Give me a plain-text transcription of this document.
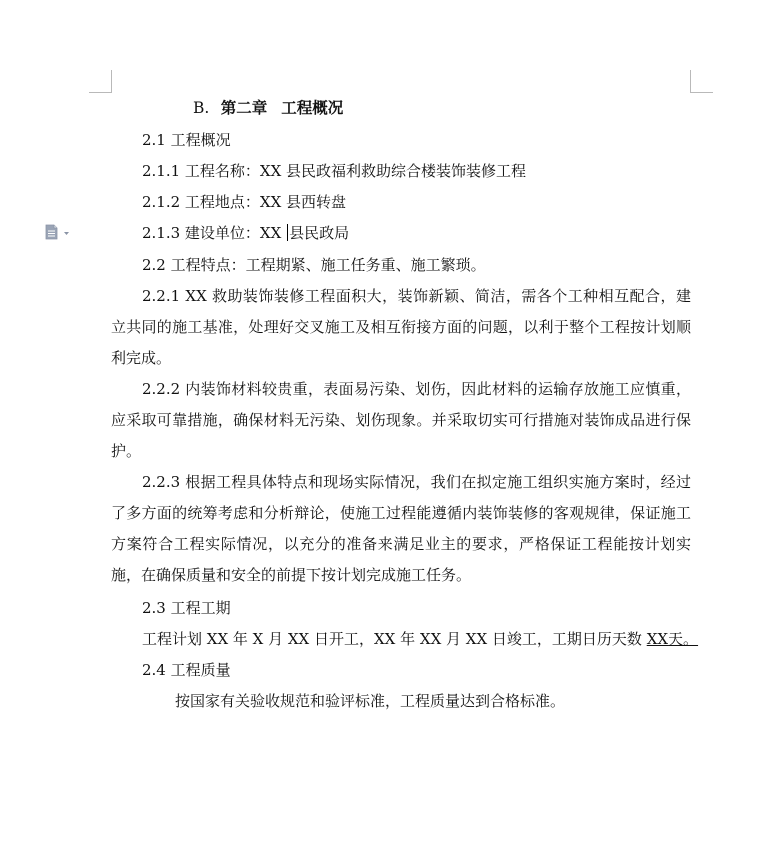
B. 第二章 工程概况
2.1 工程概况
2.1.1 工程名称：XX 县民政福利救助综合楼装饰装修工程
2.1.2 工程地点：XX 县西转盘
2.1.3 建设单位：XX 县民政局
2.2 工程特点：工程期紧、施工任务重、施工繁琐。
2.2.1 XX 救助装饰装修工程面积大，装饰新颖、简洁，需各个工种相互配合，建立共同的施工基准，处理好交叉施工及相互衔接方面的问题，以利于整个工程按计划顺利完成。
2.2.2 内装饰材料较贵重，表面易污染、划伤，因此材料的运输存放施工应慎重，应采取可靠措施，确保材料无污染、划伤现象。并采取切实可行措施对装饰成品进行保护。
2.2.3 根据工程具体特点和现场实际情况，我们在拟定施工组织实施方案时，经过了多方面的统筹考虑和分析辩论，使施工过程能遵循内装饰装修的客观规律，保证施工方案符合工程实际情况，以充分的准备来满足业主的要求，严格保证工程能按计划实施，在确保质量和安全的前提下按计划完成施工任务。
2.3 工程工期
工程计划 XX 年 X 月 XX 日开工，XX 年 XX 月 XX 日竣工，工期日历天数 XX天。
2.4 工程质量
按国家有关验收规范和验评标准，工程质量达到合格标准。
